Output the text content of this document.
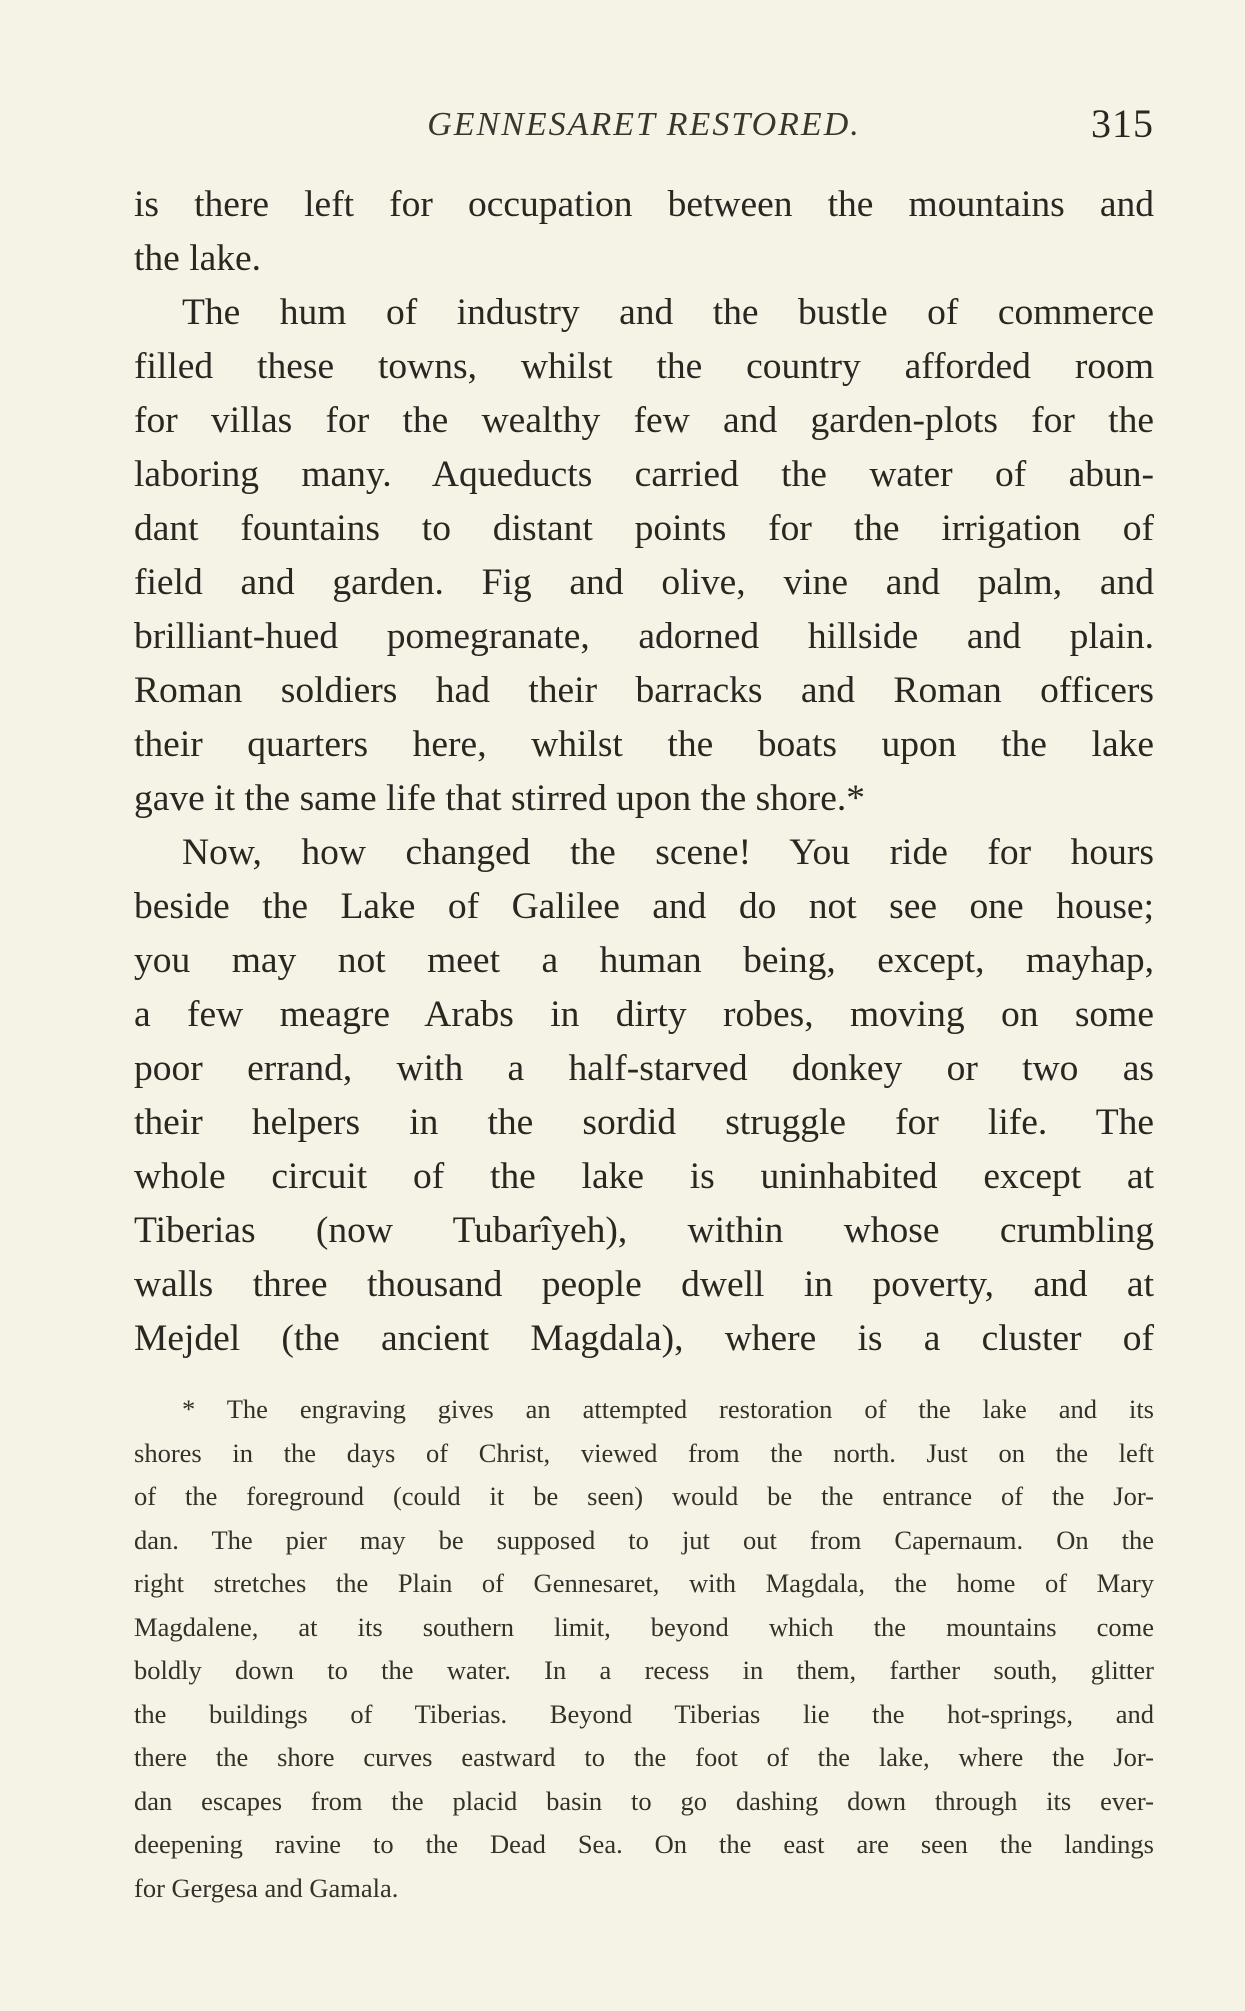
GENNESARET RESTORED.	315
is there left for occupation between the mountains and
the lake.
The hum of industry and the bustle of commerce
filled these towns, whilst the country afforded room
for villas for the wealthy few and garden-plots for the
laboring many. Aqueducts carried the water of abun-
dant fountains to distant points for the irrigation of
field and garden. Fig and olive, vine and palm, and
brilliant-hued pomegranate, adorned hillside and plain.
Roman soldiers had their barracks and Roman officers
their quarters here, whilst the boats upon the lake
gave it the same life that stirred upon the shore.*
Now, how changed the scene! You ride for hours
beside the Lake of Galilee and do not see one house;
you may not meet a human being, except, mayhap,
a few meagre Arabs in dirty robes, moving on some
poor errand, with a half-starved donkey or two as
their helpers in the sordid struggle for life. The
whole circuit of the lake is uninhabited except at
Tiberias (now Tubarîyeh), within whose crumbling
walls three thousand people dwell in poverty, and at
Mejdel (the ancient Magdala), where is a cluster of
* The engraving gives an attempted restoration of the lake and its
shores in the days of Christ, viewed from the north. Just on the left
of the foreground (could it be seen) would be the entrance of the Jor-
dan. The pier may be supposed to jut out from Capernaum. On the
right stretches the Plain of Gennesaret, with Magdala, the home of Mary
Magdalene, at its southern limit, beyond which the mountains come
boldly down to the water. In a recess in them, farther south, glitter
the buildings of Tiberias. Beyond Tiberias lie the hot-springs, and
there the shore curves eastward to the foot of the lake, where the Jor-
dan escapes from the placid basin to go dashing down through its ever-
deepening ravine to the Dead Sea. On the east are seen the landings
for Gergesa and Gamala.
